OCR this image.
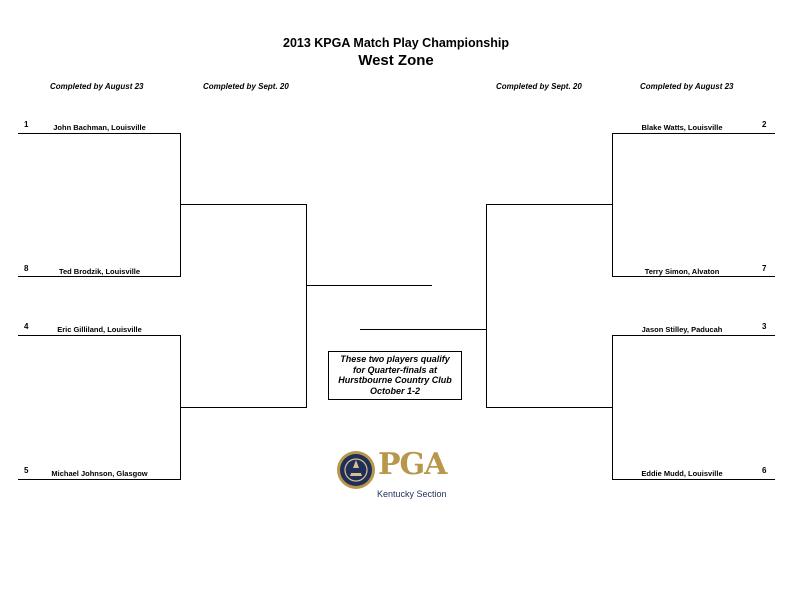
2013 KPGA Match Play Championship
West Zone
Completed by August 23	Completed by Sept. 20	Completed by Sept. 20	Completed by August 23
1	John Bachman, Louisville
8	Ted Brodzik, Louisville
4	Eric Gilliland, Louisville
5	Michael Johnson, Glasgow
2
Blake Watts, Louisville
7
Terry Simon, Alvaton
3
Jason Stilley, Paducah
6
Eddie Mudd, Louisville
These two players qualify
for Quarter-finals at
Hurstbourne Country Club
October 1-2
PGA
Kentucky Section
